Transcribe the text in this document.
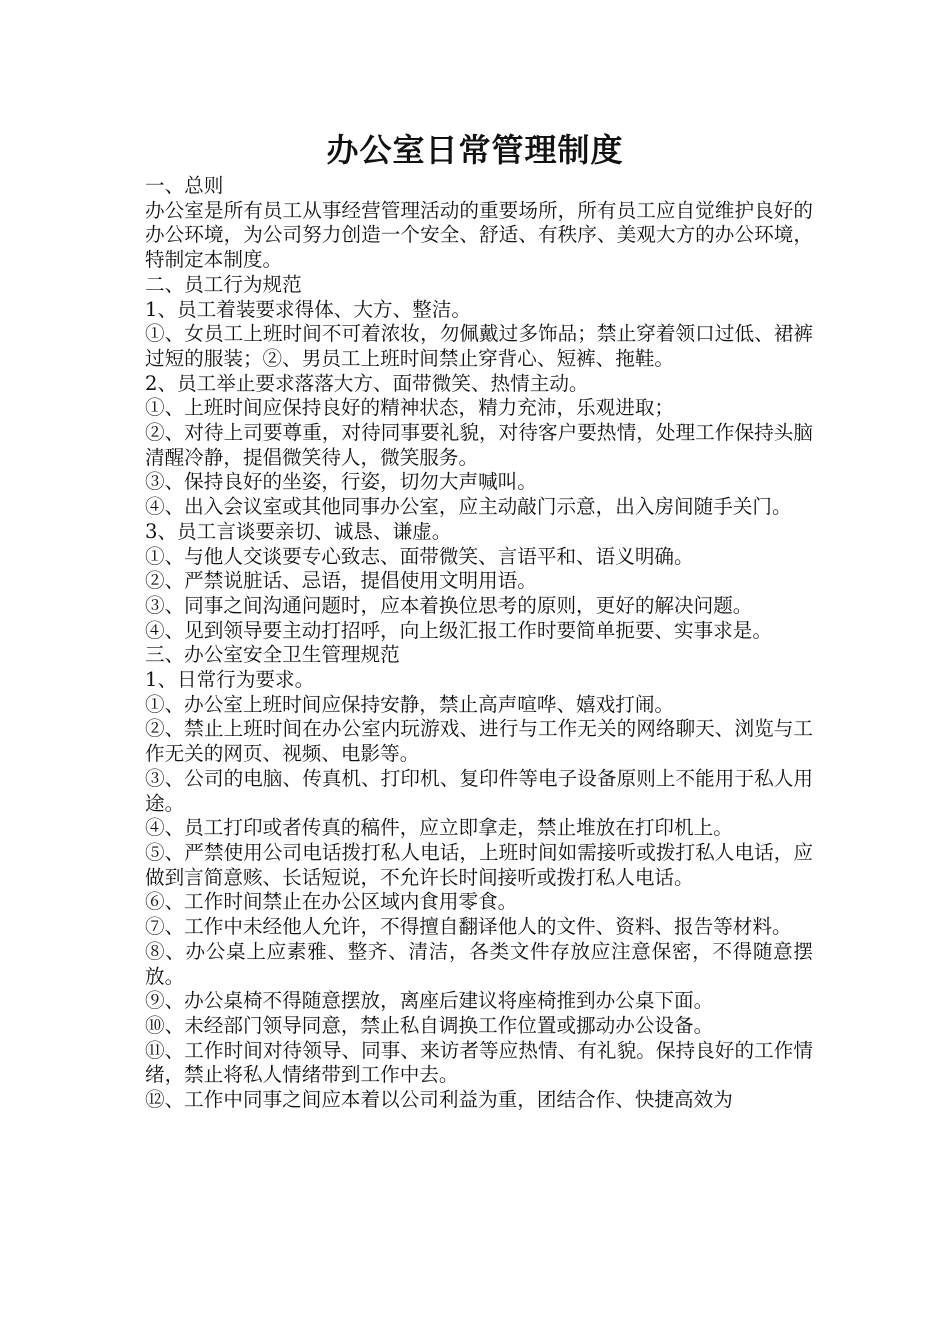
办公室日常管理制度

一、总则

办公室是所有员工从事经营管理活动的重要场所，所有员工应自觉维护良好的办公环境，为公司努力创造一个安全、舒适、有秩序、美观大方的办公环境，特制定本制度。

二、员工行为规范

1、员工着装要求得体、大方、整洁。

①、女员工上班时间不可着浓妆，勿佩戴过多饰品；禁止穿着领口过低、裙裤过短的服装；②、男员工上班时间禁止穿背心、短裤、拖鞋。

2、员工举止要求落落大方、面带微笑、热情主动。

①、上班时间应保持良好的精神状态，精力充沛，乐观进取；

②、对待上司要尊重，对待同事要礼貌，对待客户要热情，处理工作保持头脑清醒冷静，提倡微笑待人，微笑服务。

③、保持良好的坐姿，行姿，切勿大声喊叫。

④、出入会议室或其他同事办公室，应主动敲门示意，出入房间随手关门。

3、员工言谈要亲切、诚恳、谦虚。

①、与他人交谈要专心致志、面带微笑、言语平和、语义明确。

②、严禁说脏话、忌语，提倡使用文明用语。

③、同事之间沟通问题时，应本着换位思考的原则，更好的解决问题。

④、见到领导要主动打招呼，向上级汇报工作时要简单扼要、实事求是。

三、办公室安全卫生管理规范

1、日常行为要求。

①、办公室上班时间应保持安静，禁止高声喧哗、嬉戏打闹。

②、禁止上班时间在办公室内玩游戏、进行与工作无关的网络聊天、浏览与工作无关的网页、视频、电影等。

③、公司的电脑、传真机、打印机、复印件等电子设备原则上不能用于私人用途。

④、员工打印或者传真的稿件，应立即拿走，禁止堆放在打印机上。

⑤、严禁使用公司电话拨打私人电话，上班时间如需接听或拨打私人电话，应做到言简意赅、长话短说，不允许长时间接听或拨打私人电话。

⑥、工作时间禁止在办公区域内食用零食。

⑦、工作中未经他人允许，不得擅自翻译他人的文件、资料、报告等材料。

⑧、办公桌上应素雅、整齐、清洁，各类文件存放应注意保密，不得随意摆放。

⑨、办公桌椅不得随意摆放，离座后建议将座椅推到办公桌下面。

⑩、未经部门领导同意，禁止私自调换工作位置或挪动办公设备。

⑪、工作时间对待领导、同事、来访者等应热情、有礼貌。保持良好的工作情绪，禁止将私人情绪带到工作中去。

⑫、工作中同事之间应本着以公司利益为重，团结合作、快捷高效为
